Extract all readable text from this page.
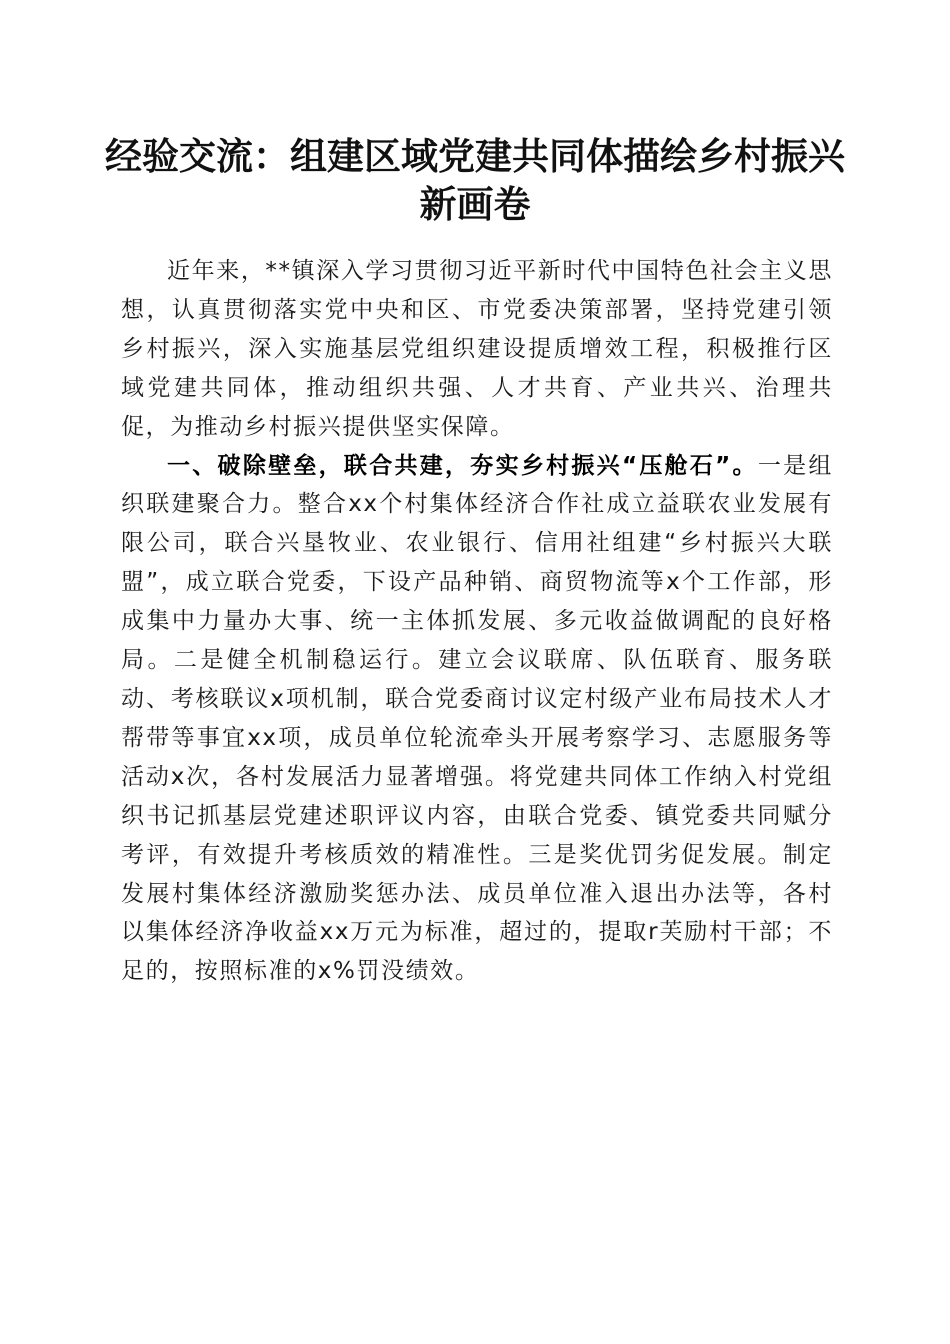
经验交流：组建区域党建共同体描绘乡村振兴
新画卷

近年来，**镇深入学习贯彻习近平新时代中国特色社会主义思想，认真贯彻落实党中央和区、市党委决策部署，坚持党建引领乡村振兴，深入实施基层党组织建设提质增效工程，积极推行区域党建共同体，推动组织共强、人才共育、产业共兴、治理共促，为推动乡村振兴提供坚实保障。

一、破除壁垒，联合共建，夯实乡村振兴“压舱石”。一是组织联建聚合力。整合xx个村集体经济合作社成立益联农业发展有限公司，联合兴垦牧业、农业银行、信用社组建“乡村振兴大联盟”，成立联合党委，下设产品种销、商贸物流等x个工作部，形成集中力量办大事、统一主体抓发展、多元收益做调配的良好格局。二是健全机制稳运行。建立会议联席、队伍联育、服务联动、考核联议x项机制，联合党委商讨议定村级产业布局技术人才帮带等事宜xx项，成员单位轮流牵头开展考察学习、志愿服务等活动x次，各村发展活力显著增强。将党建共同体工作纳入村党组织书记抓基层党建述职评议内容，由联合党委、镇党委共同赋分考评，有效提升考核质效的精准性。三是奖优罚劣促发展。制定发展村集体经济激励奖惩办法、成员单位准入退出办法等，各村以集体经济净收益xx万元为标准，超过的，提取r芙励村干部；不足的，按照标准的x%罚没绩效。
